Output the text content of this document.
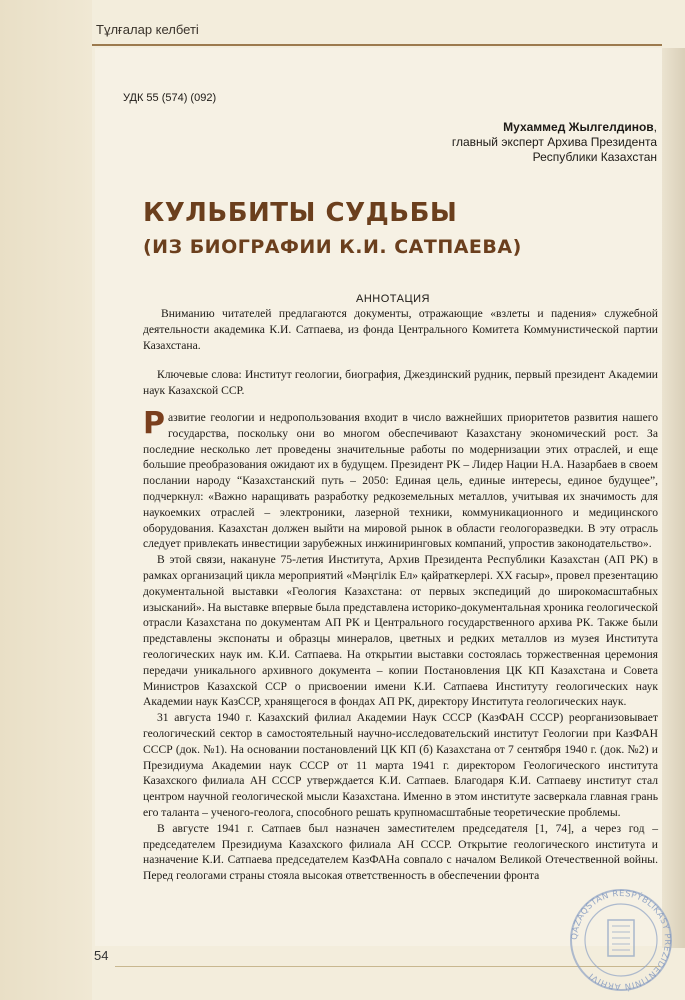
Тұлғалар келбеті
УДК 55 (574) (092)
Мухаммед Жылгелдинов,
главный эксперт Архива Президента
Республики Казахстан
КУЛЬБИТЫ СУДЬБЫ
(ИЗ БИОГРАФИИ К.И. САТПАЕВА)
АННОТАЦИЯ

Вниманию читателей предлагаются документы, отражающие «взлеты и падения» служебной деятельности академика К.И. Сатпаева, из фонда Центрального Комитета Коммунистической партии Казахстана.

Ключевые слова: Институт геологии, биография, Джездинский рудник, первый президент Академии наук Казахской ССР.

Развитие геологии и недропользования входит в число важнейших приоритетов развития нашего государства, поскольку они во многом обеспечивают Казахстану экономический рост. За последние несколько лет проведены значительные работы по модернизации этих отраслей, и еще большие преобразования ожидают их в будущем. Президент РК – Лидер Нации Н.А. Назарбаев в своем послании народу “Казахстанский путь – 2050: Единая цель, единые интересы, единое будущее”, подчеркнул: «Важно наращивать разработку редкоземельных металлов, учитывая их значимость для наукоемких отраслей – электроники, лазерной техники, коммуникационного и медицинского оборудования. Казахстан должен выйти на мировой рынок в области геологоразведки. В эту отрасль следует привлекать инвестиции зарубежных инжиниринговых компаний, упростив законодательство».

В этой связи, накануне 75-летия Института, Архив Президента Республики Казахстан (АП РК) в рамках организаций цикла мероприятий «Мәңгілік Ел» қайраткерлері. ХХ ғасыр», провел презентацию документальной выставки «Геология Казахстана: от первых экспедиций до широкомасштабных изысканий». На выставке впервые была представлена историко-документальная хроника геологической отрасли Казахстана по документам АП РК и Центрального государственного архива РК. Также были представлены экспонаты и образцы минералов, цветных и редких металлов из музея Института геологических наук им. К.И. Сатпаева. На открытии выставки состоялась торжественная церемония передачи уникального архивного документа – копии Постановления ЦК КП Казахстана и Совета Министров Казахской ССР о присвоении имени К.И. Сатпаева Институту геологических наук Академии наук КазССР, хранящегося в фондах АП РК, директору Института геологических наук.

31 августа 1940 г. Казахский филиал Академии Наук СССР (КазФАН СССР) реорганизовывает геологический сектор в самостоятельный научно-исследовательский институт Геологии при КазФАН СССР (док. №1). На основании постановлений ЦК КП (б) Казахстана от 7 сентября 1940 г. (док. №2) и Президиума Академии наук СССР от 11 марта 1941 г. директором Геологического института Казахского филиала АН СССР утверждается К.И. Сатпаев. Благодаря К.И. Сатпаеву институт стал центром научной геологической мысли Казахстана. Именно в этом институте засверкала главная грань его таланта – ученого-геолога, способного решать крупномасштабные теоретические проблемы.

В августе 1941 г. Сатпаев был назначен заместителем председателя [1, 74], а через год – председателем Президиума Казахского филиала АН СССР. Открытие геологического института и назначение К.И. Сатпаева председателем КазФАНа совпало с началом Великой Отечественной войны. Перед геологами страны стояла высокая ответственность в обеспечении фронта

54
QAZAQSTAN RESPÝBLIKASY PREZIDENTINIŃ ARHIVI
